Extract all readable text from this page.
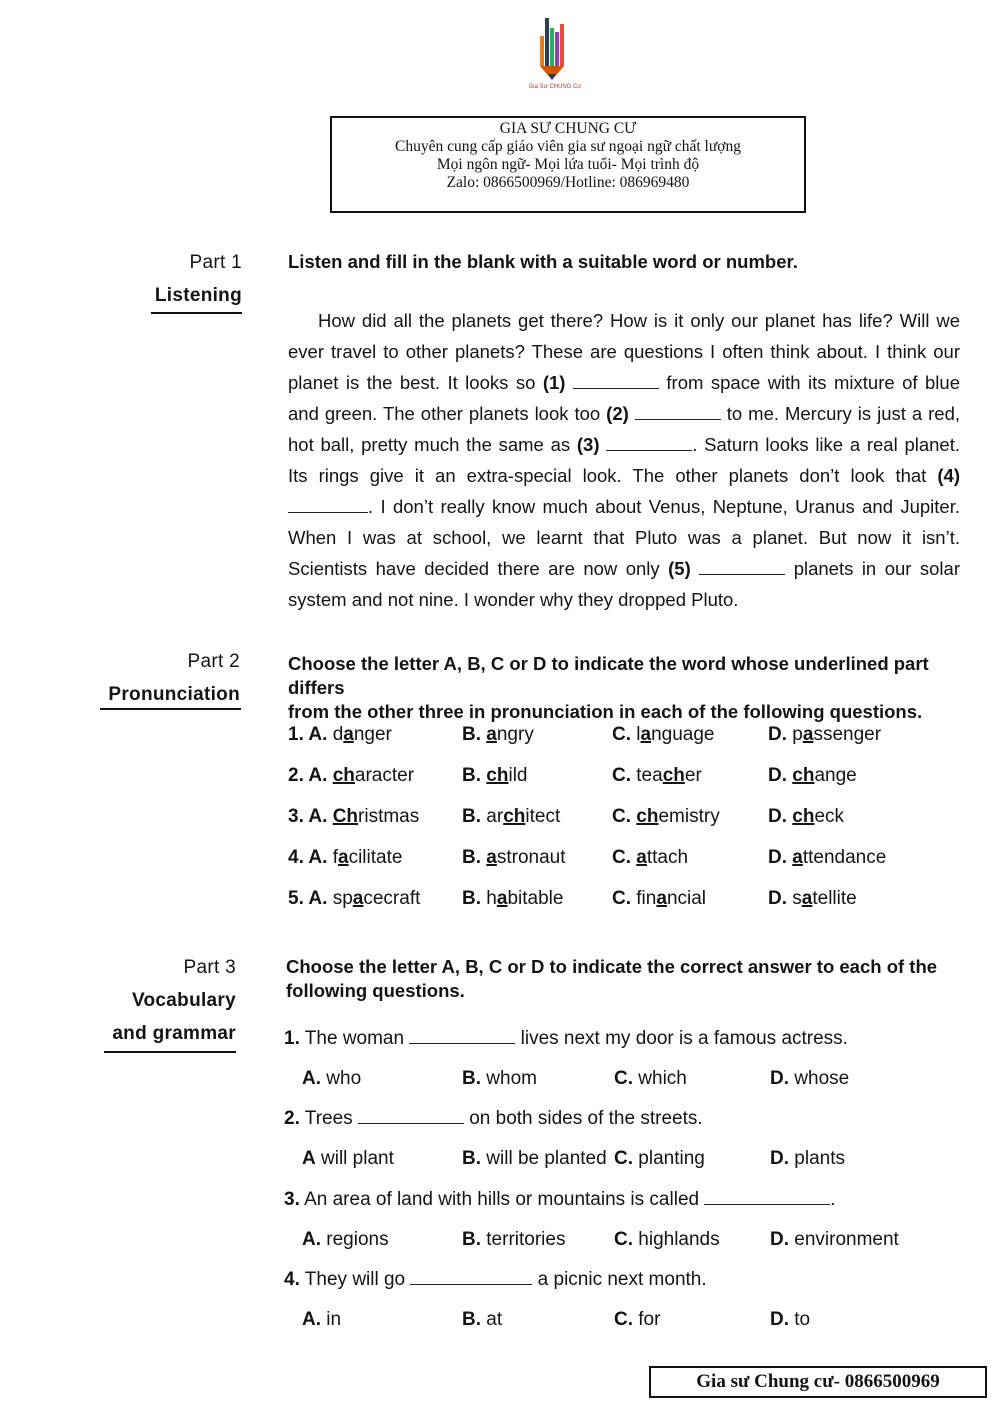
Gia Sư CHUNG Cư
GIA SƯ CHUNG CƯ
Chuyên cung cấp giáo viên gia sư ngoại ngữ chất lượng
Mọi ngôn ngữ- Mọi lứa tuổi- Mọi trình độ
Zalo: 0866500969/Hotline: 086969480
Part 1
Listening
Listen and fill in the blank with a suitable word or number.
How did all the planets get there? How is it only our planet has life? Will we ever travel to other planets? These are questions I often think about. I think our planet is the best. It looks so (1)	from space with its mixture of blue and green. The other planets look too (2)	to me. Mercury is just a red, hot ball, pretty much the same as (3)	. Saturn looks like a real planet. Its rings give it an extra-special look. The other planets don’t look that (4) . I don’t really know much about Venus, Neptune, Uranus and Jupiter. When I was at school, we learnt that Pluto was a planet. But now it isn’t. Scientists have decided there are now only (5)	planets in our solar system and not nine. I wonder why they dropped Pluto.
Part 2
Pronunciation
Choose the letter A, B, C or D to indicate the word whose underlined part differs
from the other three in pronunciation in each of the following questions.
1. A. danger	B. angry	C. language	D. passenger
2. A. character	B. child	C. teacher	D. change
3. A. Christmas B. architect	C. chemistry	D. check
4. A. facilitate	B. astronaut C. attach	D. attendance
5. A. spacecraft B. habitable	C. financial	D. satellite
Part 3
Vocabulary
and grammar
Choose the letter A, B, C or D to indicate the correct answer to each of the
following questions.
1. The woman	lives next my door is a famous actress.
A. who	B. whom	C. which	D. whose
2. Trees	on both sides of the streets.
A will plant	B. will be planted C. planting	D. plants
3. An area of land with hills or mountains is called	.
A. regions	B. territories	C. highlands	D. environment
4. They will go	a picnic next month.
A. in	B. at	C. for	D. to
Gia sư Chung cư- 0866500969
